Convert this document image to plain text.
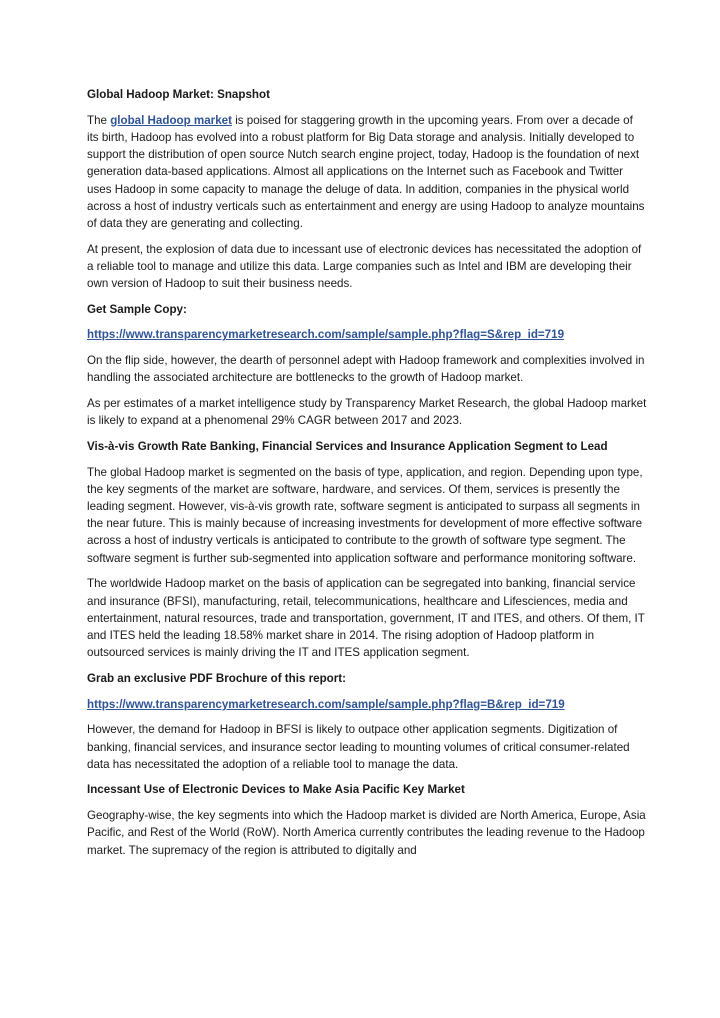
Global Hadoop Market: Snapshot

The global Hadoop market is poised for staggering growth in the upcoming years. From over a decade of its birth, Hadoop has evolved into a robust platform for Big Data storage and analysis. Initially developed to support the distribution of open source Nutch search engine project, today, Hadoop is the foundation of next generation data-based applications. Almost all applications on the Internet such as Facebook and Twitter uses Hadoop in some capacity to manage the deluge of data. In addition, companies in the physical world across a host of industry verticals such as entertainment and energy are using Hadoop to analyze mountains of data they are generating and collecting.

At present, the explosion of data due to incessant use of electronic devices has necessitated the adoption of a reliable tool to manage and utilize this data. Large companies such as Intel and IBM are developing their own version of Hadoop to suit their business needs.

Get Sample Copy:

https://www.transparencymarketresearch.com/sample/sample.php?flag=S&rep_id=719

On the flip side, however, the dearth of personnel adept with Hadoop framework and complexities involved in handling the associated architecture are bottlenecks to the growth of Hadoop market.

As per estimates of a market intelligence study by Transparency Market Research, the global Hadoop market is likely to expand at a phenomenal 29% CAGR between 2017 and 2023.

Vis-à-vis Growth Rate Banking, Financial Services and Insurance Application Segment to Lead

The global Hadoop market is segmented on the basis of type, application, and region. Depending upon type, the key segments of the market are software, hardware, and services. Of them, services is presently the leading segment. However, vis-à-vis growth rate, software segment is anticipated to surpass all segments in the near future. This is mainly because of increasing investments for development of more effective software across a host of industry verticals is anticipated to contribute to the growth of software type segment. The software segment is further sub-segmented into application software and performance monitoring software.

The worldwide Hadoop market on the basis of application can be segregated into banking, financial service and insurance (BFSI), manufacturing, retail, telecommunications, healthcare and Lifesciences, media and entertainment, natural resources, trade and transportation, government, IT and ITES, and others. Of them, IT and ITES held the leading 18.58% market share in 2014. The rising adoption of Hadoop platform in outsourced services is mainly driving the IT and ITES application segment.

Grab an exclusive PDF Brochure of this report:

https://www.transparencymarketresearch.com/sample/sample.php?flag=B&rep_id=719

However, the demand for Hadoop in BFSI is likely to outpace other application segments. Digitization of banking, financial services, and insurance sector leading to mounting volumes of critical consumer-related data has necessitated the adoption of a reliable tool to manage the data.

Incessant Use of Electronic Devices to Make Asia Pacific Key Market

Geography-wise, the key segments into which the Hadoop market is divided are North America, Europe, Asia Pacific, and Rest of the World (RoW). North America currently contributes the leading revenue to the Hadoop market. The supremacy of the region is attributed to digitally and
